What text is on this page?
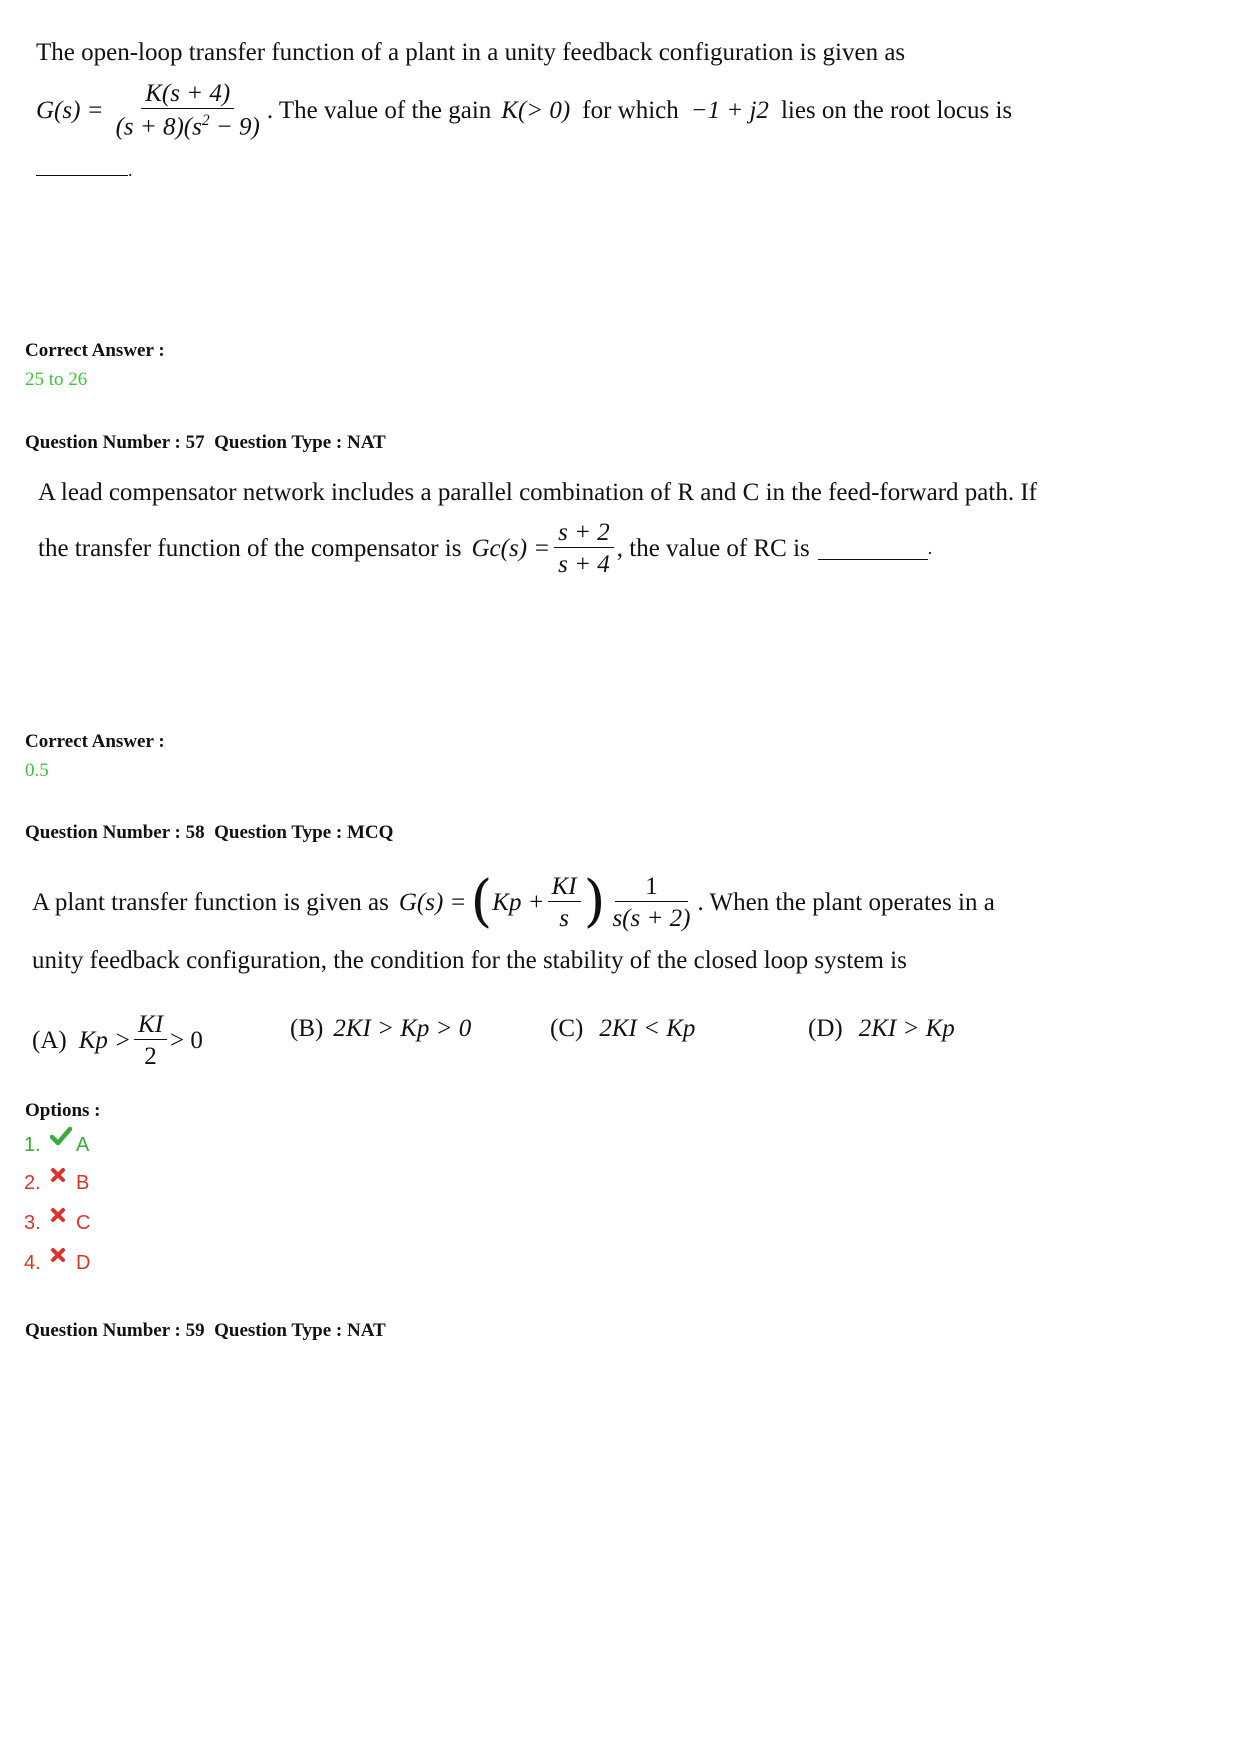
The open-loop transfer function of a plant in a unity feedback configuration is given as
$G(s) = \frac{K(s + 4)}{(s + 8)(s^2 - 9)}$ . The value of the gain K(> 0) for which −1 + j2 lies on the root locus is
.
Correct Answer :
25 to 26
Question Number : 57  Question Type : NAT
A lead compensator network includes a parallel combination of R and C in the feed-forward path. If
the transfer function of the compensator is $Gc(s) = \frac{s + 2}{s + 4}$ , the value of RC is	.
Correct Answer :
0.5
Question Number : 58  Question Type : MCQ
A plant transfer function is given as G(s) = ( $Kp + \frac{KI}{s}$ ) $\frac{1}{s(s + 2)}$ . When the plant operates in a
unity feedback configuration, the condition for the stability of the closed loop system is
(A) $Kp > \frac{KI}{2} > 0$	(B) 2KI > Kp > 0	(C) 2KI < Kp	(D) 2KI > Kp
Options :
1.	A
2.	B
3.	C
4.	D
Question Number : 59  Question Type : NAT
